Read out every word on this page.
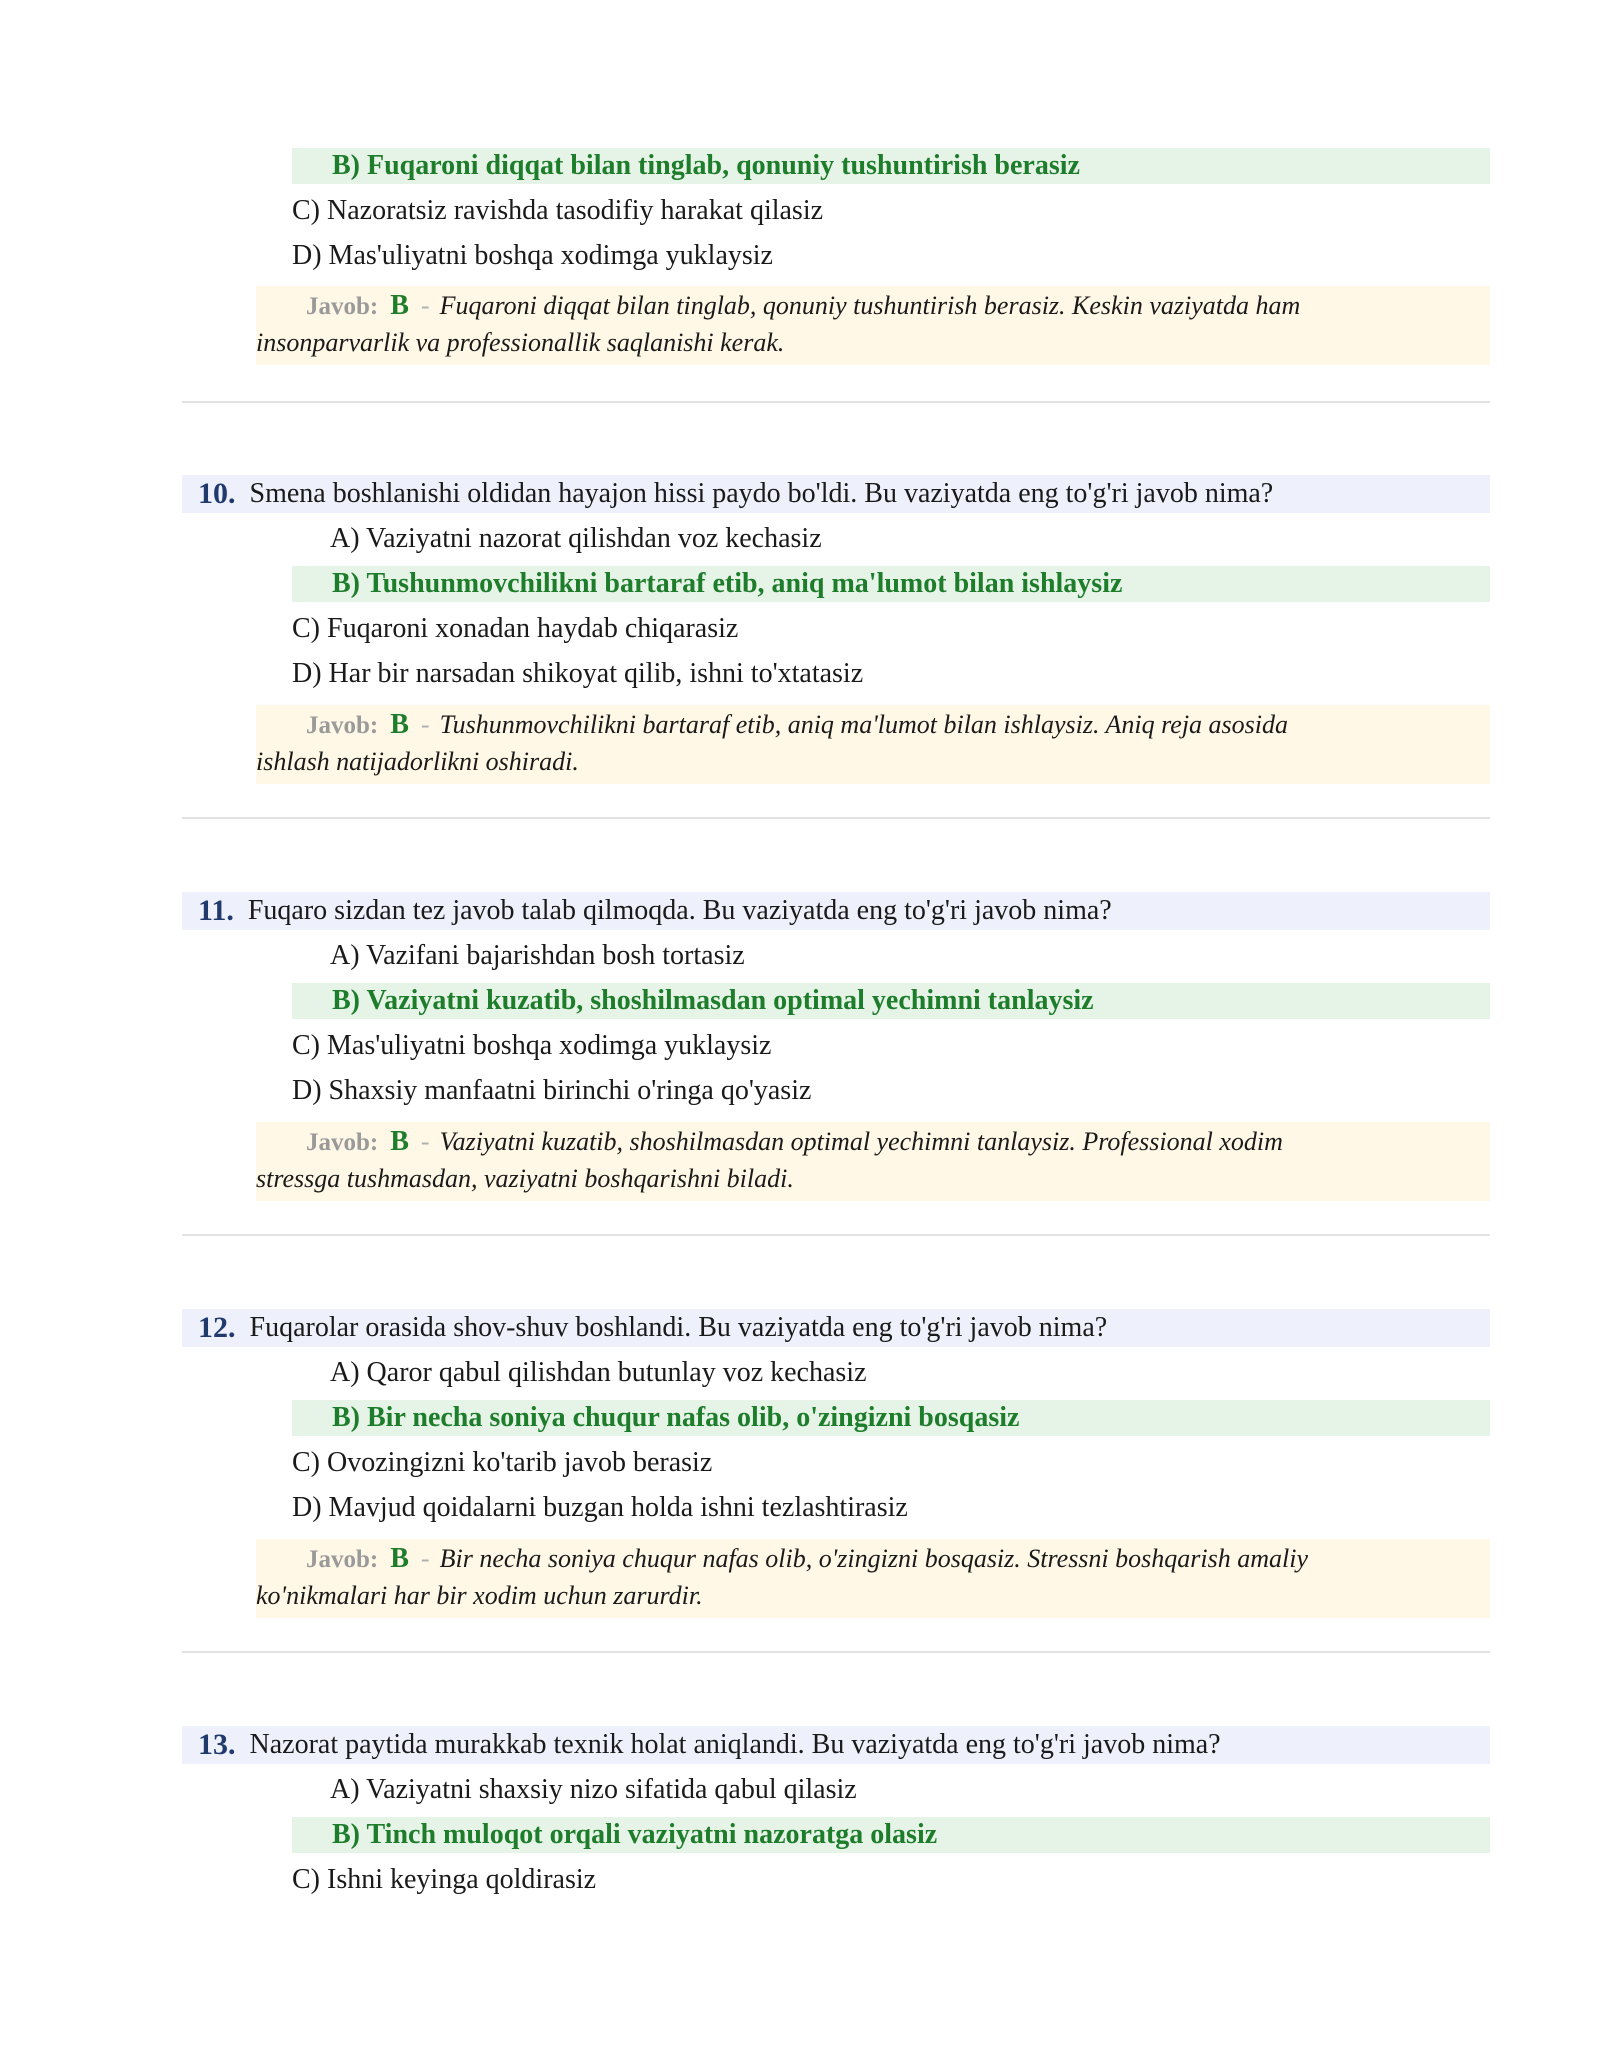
B) Fuqaroni diqqat bilan tinglab, qonuniy tushuntirish berasiz
C) Nazoratsiz ravishda tasodifiy harakat qilasiz
D) Mas'uliyatni boshqa xodimga yuklaysiz
Javob: B - Fuqaroni diqqat bilan tinglab, qonuniy tushuntirish berasiz. Keskin vaziyatda ham
insonparvarlik va professionallik saqlanishi kerak.
10. Smena boshlanishi oldidan hayajon hissi paydo bo'ldi. Bu vaziyatda eng to'g'ri javob nima?
A) Vaziyatni nazorat qilishdan voz kechasiz
B) Tushunmovchilikni bartaraf etib, aniq ma'lumot bilan ishlaysiz
C) Fuqaroni xonadan haydab chiqarasiz
D) Har bir narsadan shikoyat qilib, ishni to'xtatasiz
Javob: B - Tushunmovchilikni bartaraf etib, aniq ma'lumot bilan ishlaysiz. Aniq reja asosida
ishlash natijadorlikni oshiradi.
11. Fuqaro sizdan tez javob talab qilmoqda. Bu vaziyatda eng to'g'ri javob nima?
A) Vazifani bajarishdan bosh tortasiz
B) Vaziyatni kuzatib, shoshilmasdan optimal yechimni tanlaysiz
C) Mas'uliyatni boshqa xodimga yuklaysiz
D) Shaxsiy manfaatni birinchi o'ringa qo'yasiz
Javob: B - Vaziyatni kuzatib, shoshilmasdan optimal yechimni tanlaysiz. Professional xodim
stressga tushmasdan, vaziyatni boshqarishni biladi.
12. Fuqarolar orasida shov-shuv boshlandi. Bu vaziyatda eng to'g'ri javob nima?
A) Qaror qabul qilishdan butunlay voz kechasiz
B) Bir necha soniya chuqur nafas olib, o'zingizni bosqasiz
C) Ovozingizni ko'tarib javob berasiz
D) Mavjud qoidalarni buzgan holda ishni tezlashtirasiz
Javob: B - Bir necha soniya chuqur nafas olib, o'zingizni bosqasiz. Stressni boshqarish amaliy
ko'nikmalari har bir xodim uchun zarurdir.
13. Nazorat paytida murakkab texnik holat aniqlandi. Bu vaziyatda eng to'g'ri javob nima?
A) Vaziyatni shaxsiy nizo sifatida qabul qilasiz
B) Tinch muloqot orqali vaziyatni nazoratga olasiz
C) Ishni keyinga qoldirasiz
